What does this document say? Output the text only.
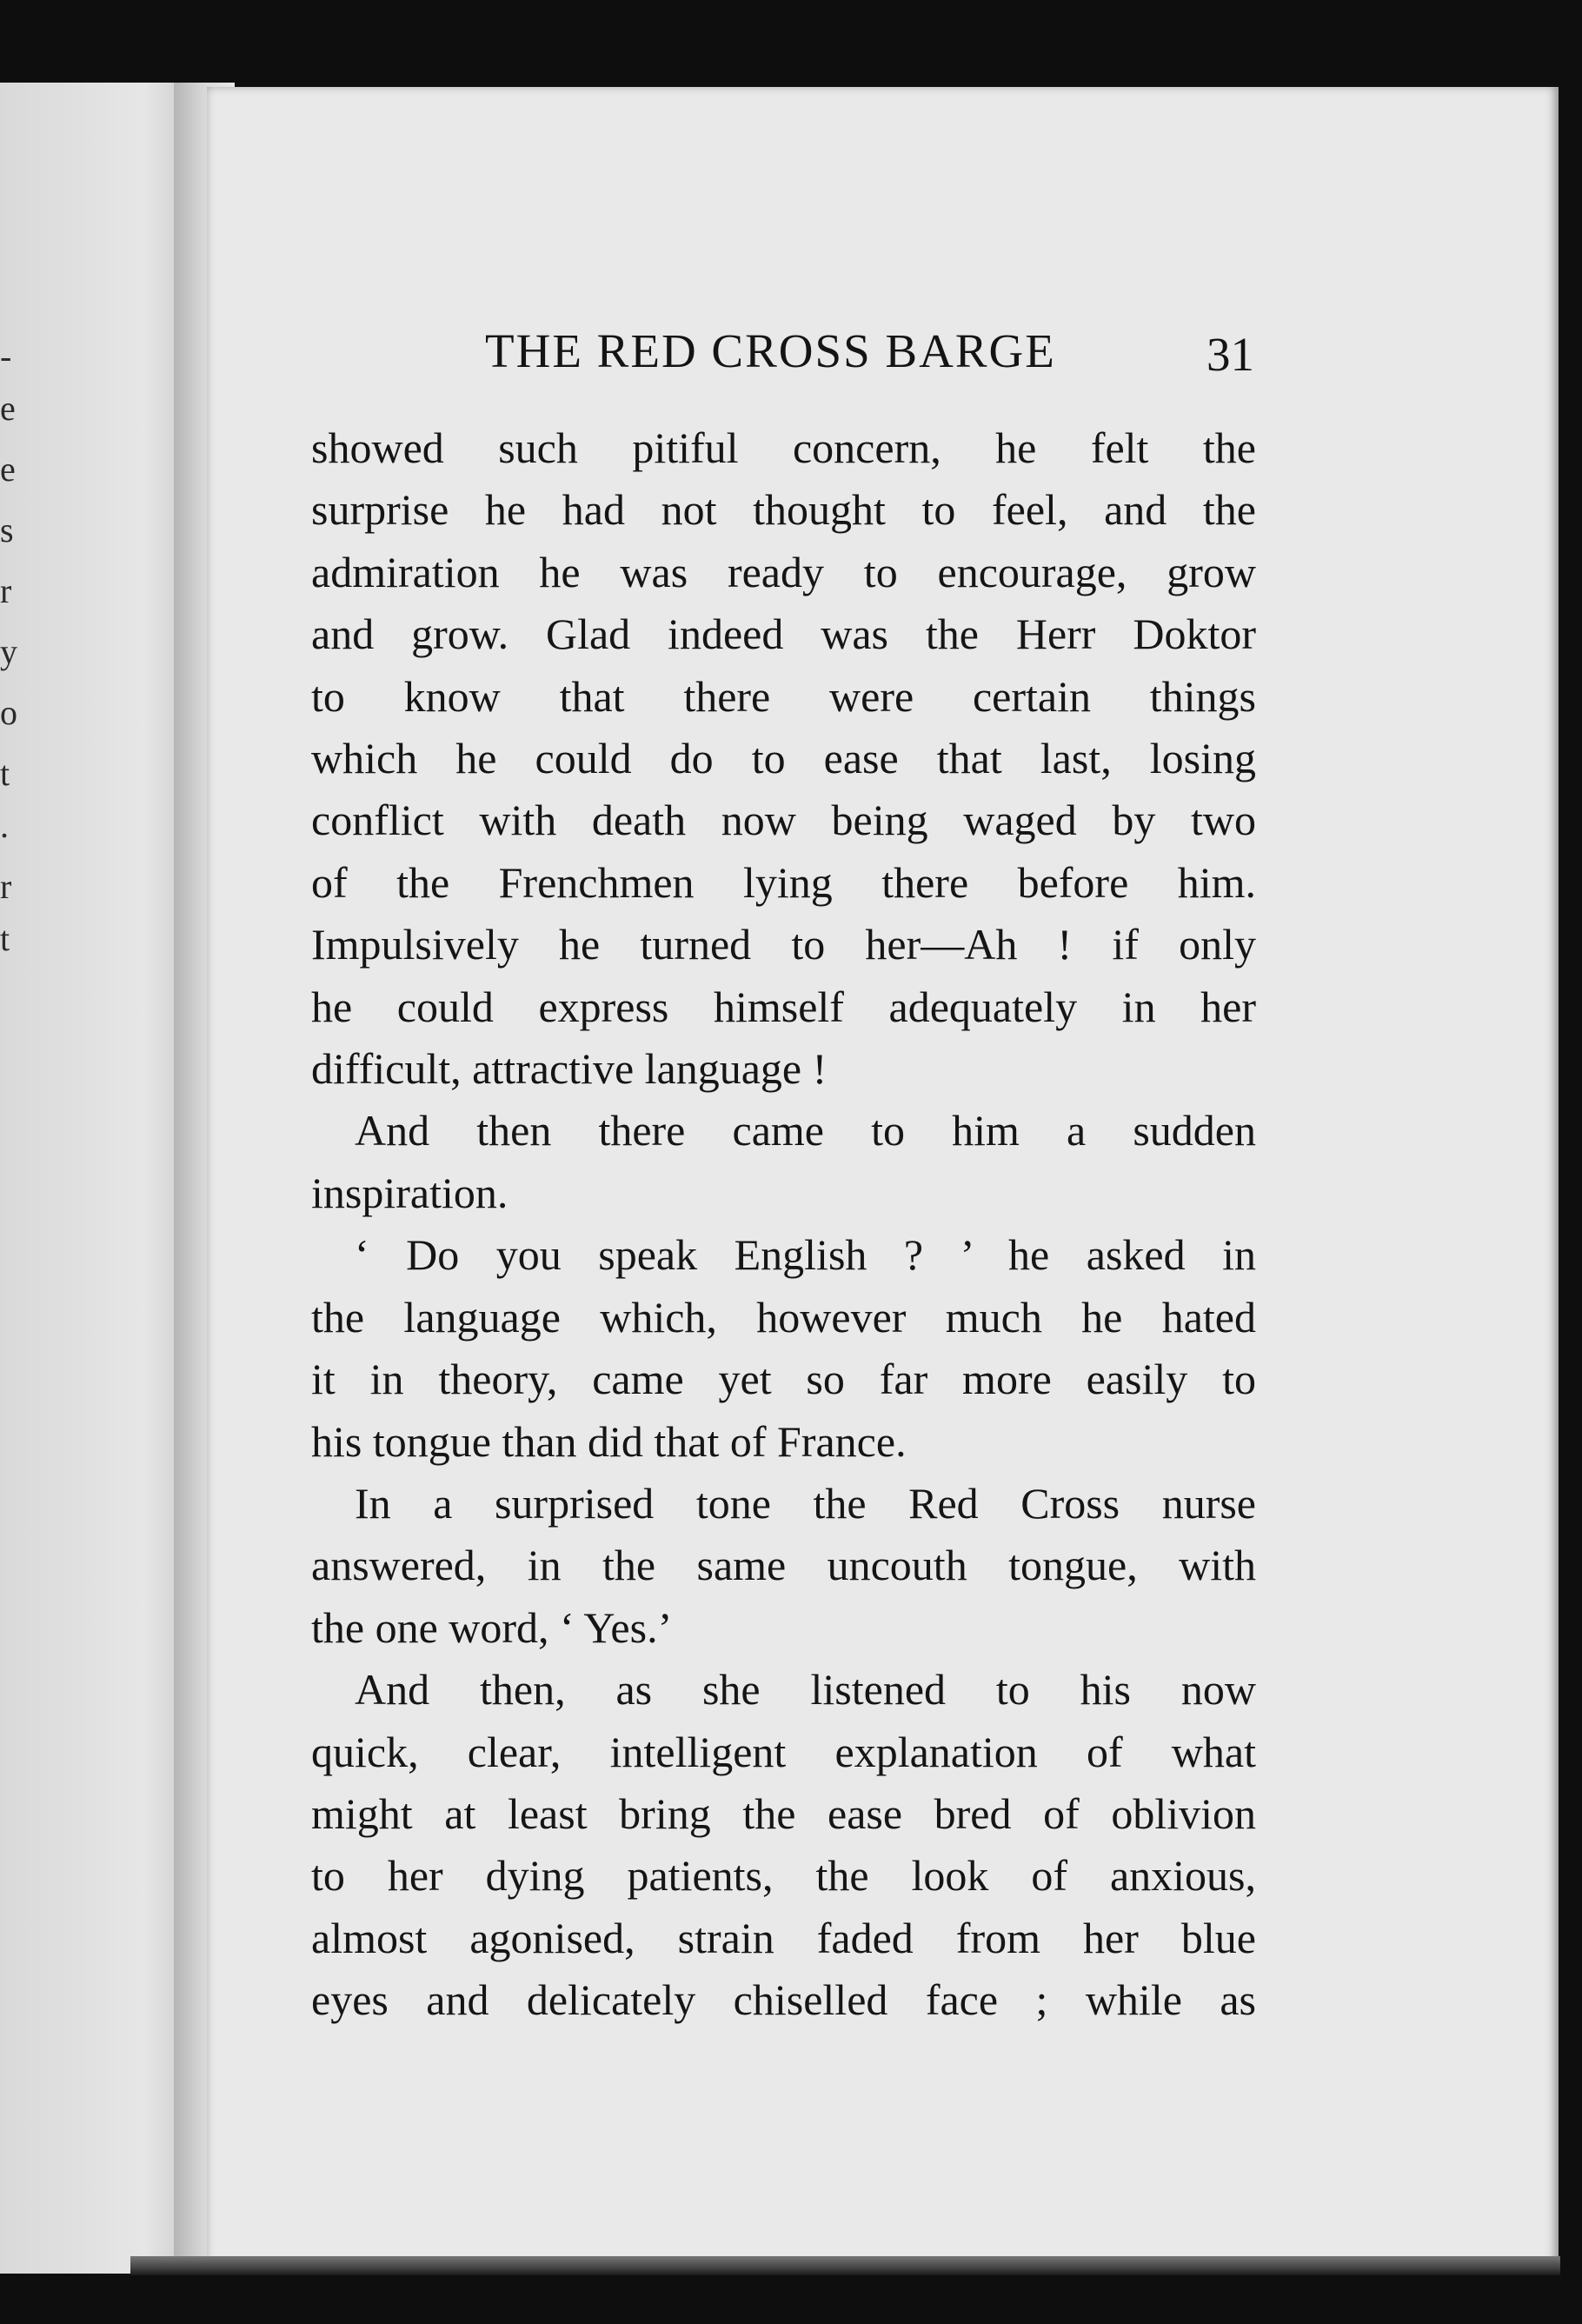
-
e
e
s
r
y
o
t
.
r
t
THE RED CROSS BARGE	31

showed such pitiful concern, he felt the
surprise he had not thought to feel, and the
admiration he was ready to encourage, grow
and grow. Glad indeed was the Herr Doktor
to know that there were certain things
which he could do to ease that last, losing
conflict with death now being waged by two
of the Frenchmen lying there before him.
Impulsively he turned to her—Ah ! if only
he could express himself adequately in her
difficult, attractive language !

And then there came to him a sudden
inspiration.

‘ Do you speak English ? ’ he asked in
the language which, however much he hated
it in theory, came yet so far more easily to
his tongue than did that of France.

In a surprised tone the Red Cross nurse
answered, in the same uncouth tongue, with
the one word, ‘ Yes.’

And then, as she listened to his now
quick, clear, intelligent explanation of what
might at least bring the ease bred of oblivion
to her dying patients, the look of anxious,
almost agonised, strain faded from her blue
eyes and delicately chiselled face ; while as
